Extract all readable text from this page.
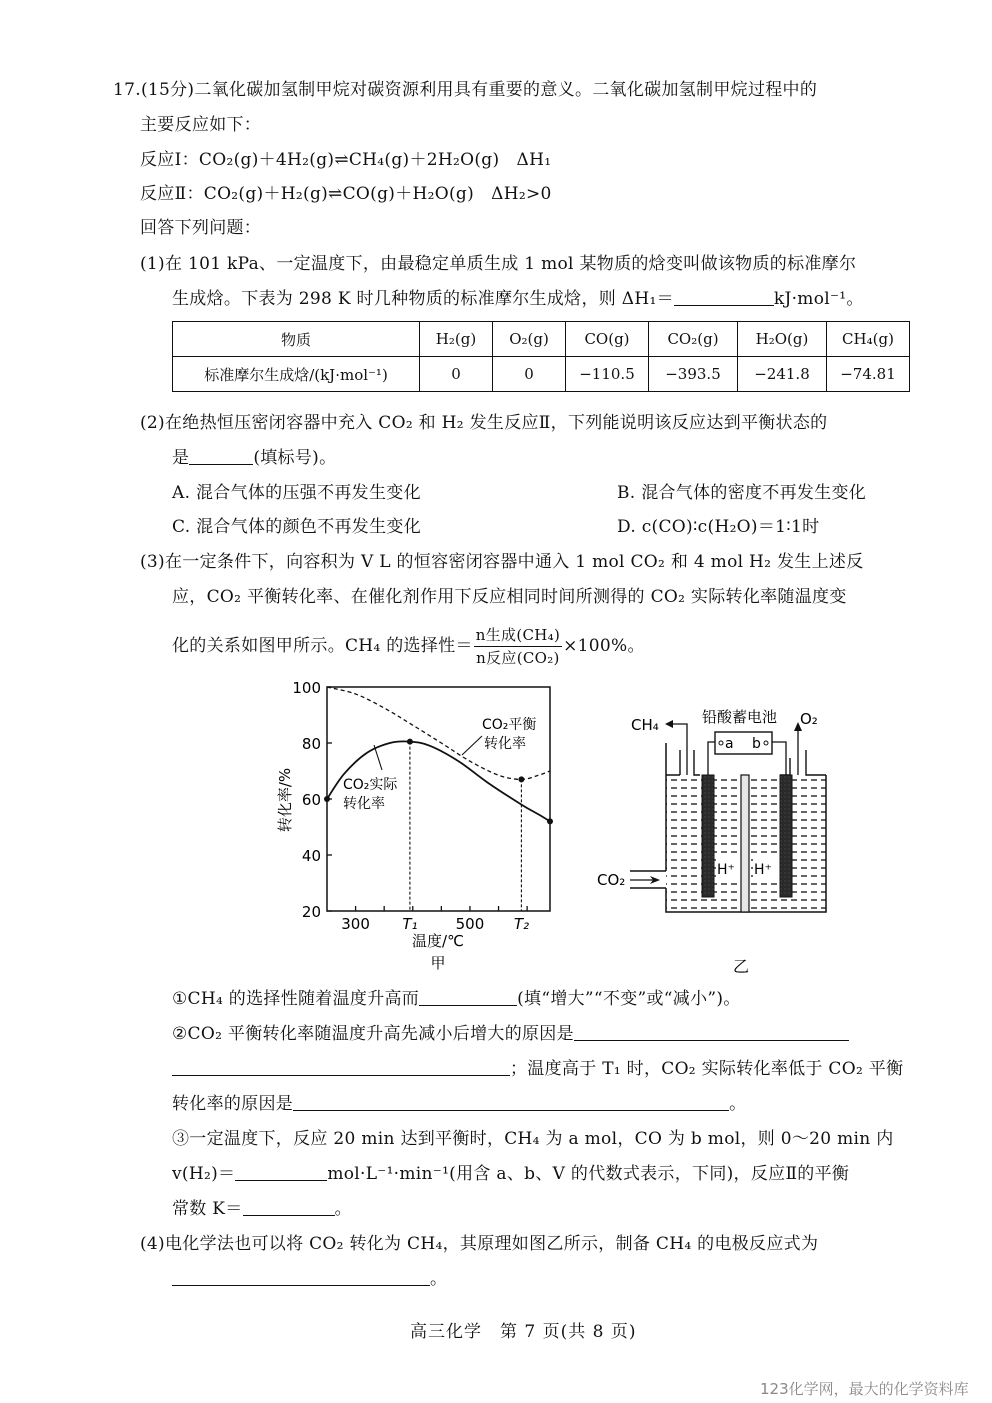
17.(15分)二氧化碳加氢制甲烷对碳资源利用具有重要的意义。二氧化碳加氢制甲烷过程中的
主要反应如下：
反应Ⅰ：CO₂(g)＋4H₂(g)⇌CH₄(g)＋2H₂O(g) ΔH₁
反应Ⅱ：CO₂(g)＋H₂(g)⇌CO(g)＋H₂O(g) ΔH₂>0
回答下列问题：
(1)在 101 kPa、一定温度下，由最稳定单质生成 1 mol 某物质的焓变叫做该物质的标准摩尔
生成焓。下表为 298 K 时几种物质的标准摩尔生成焓，则 ΔH₁＝	kJ·mol⁻¹。
物质	H₂(g)	O₂(g)	CO(g)	CO₂(g)	H₂O(g)	CH₄(g)
标准摩尔生成焓/(kJ·mol⁻¹)	0	0	−110.5	−393.5	−241.8	−74.81
(2)在绝热恒压密闭容器中充入 CO₂ 和 H₂ 发生反应Ⅱ，下列能说明该反应达到平衡状态的
是	(填标号)。
A. 混合气体的压强不再发生变化	B. 混合气体的密度不再发生变化
C. 混合气体的颜色不再发生变化	D. c(CO)∶c(H₂O)＝1∶1时
(3)在一定条件下，向容积为 V L 的恒容密闭容器中通入 1 mol CO₂ 和 4 mol H₂ 发生上述反
应，CO₂ 平衡转化率、在催化剂作用下反应相同时间所测得的 CO₂ 实际转化率随温度变
化的关系如图甲所示。CH₄ 的选择性＝ $\frac{\text{n生成(CH₄)}}{\text{n反应(CO₂)}} \times 100\%$。
20
40
60
80
100
300	500
T₁	T₂
CO₂平衡
转化率
CO₂实际
转化率
转化率/%
温度/℃
甲
a b
铅酸蓄电池
CH₄	O₂
CO₂
H⁺ H⁺
乙
①CH₄ 的选择性随着温度升高而	(填“增大”“不变”或“减小”)。
②CO₂ 平衡转化率随温度升高先减小后增大的原因是
；温度高于 T₁ 时，CO₂ 实际转化率低于 CO₂ 平衡
转化率的原因是	。
③一定温度下，反应 20 min 达到平衡时，CH₄ 为 a mol，CO 为 b mol，则 0～20 min 内
v(H₂)＝	mol·L⁻¹·min⁻¹(用含 a、b、V 的代数式表示，下同)，反应Ⅱ的平衡
常数 K＝	。
(4)电化学法也可以将 CO₂ 转化为 CH₄，其原理如图乙所示，制备 CH₄ 的电极反应式为
。
高三化学　第 7 页(共 8 页)
123化学网，最大的化学资料库
